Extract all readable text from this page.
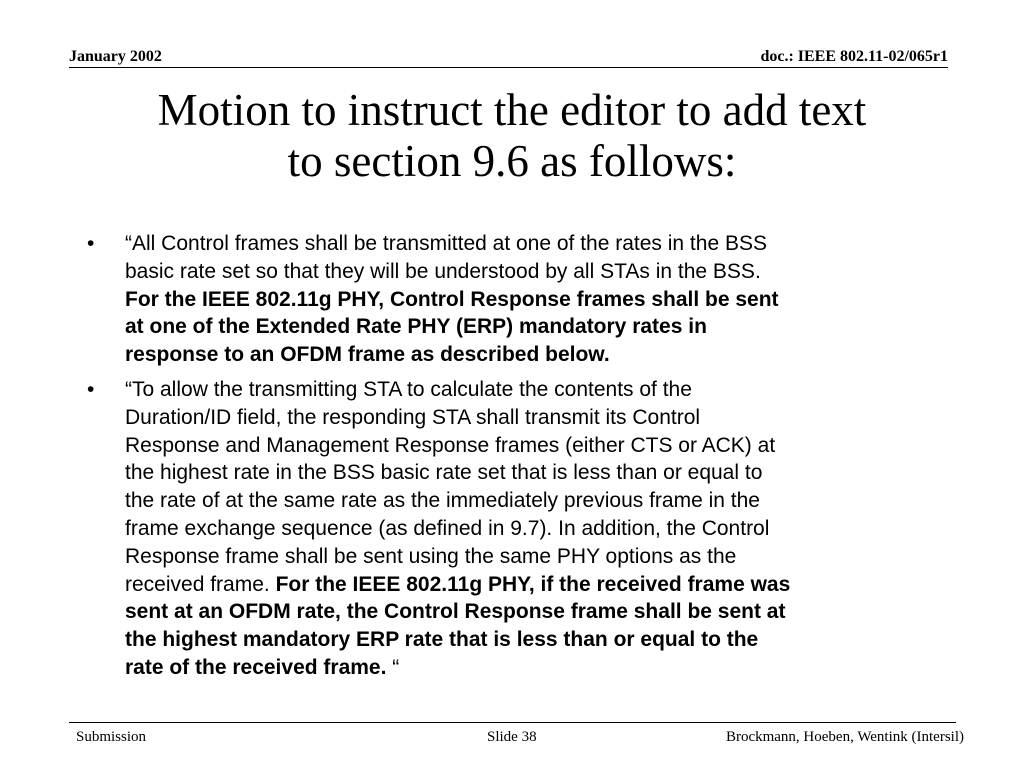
January 2002	doc.: IEEE 802.11-02/065r1
Motion to instruct the editor to add text
to section 9.6 as follows:
• “All Control frames shall be transmitted at one of the rates in the BSS
basic rate set so that they will be understood by all STAs in the BSS.
For the IEEE 802.11g PHY, Control Response frames shall be sent
at one of the Extended Rate PHY (ERP) mandatory rates in
response to an OFDM frame as described below.
• “To allow the transmitting STA to calculate the contents of the
Duration/ID field, the responding STA shall transmit its Control
Response and Management Response frames (either CTS or ACK) at
the highest rate in the BSS basic rate set that is less than or equal to
the rate of at the same rate as the immediately previous frame in the
frame exchange sequence (as defined in 9.7). In addition, the Control
Response frame shall be sent using the same PHY options as the
received frame. For the IEEE 802.11g PHY, if the received frame was
sent at an OFDM rate, the Control Response frame shall be sent at
the highest mandatory ERP rate that is less than or equal to the
rate of the received frame. “
Submission	Slide 38	Brockmann, Hoeben, Wentink (Intersil)
